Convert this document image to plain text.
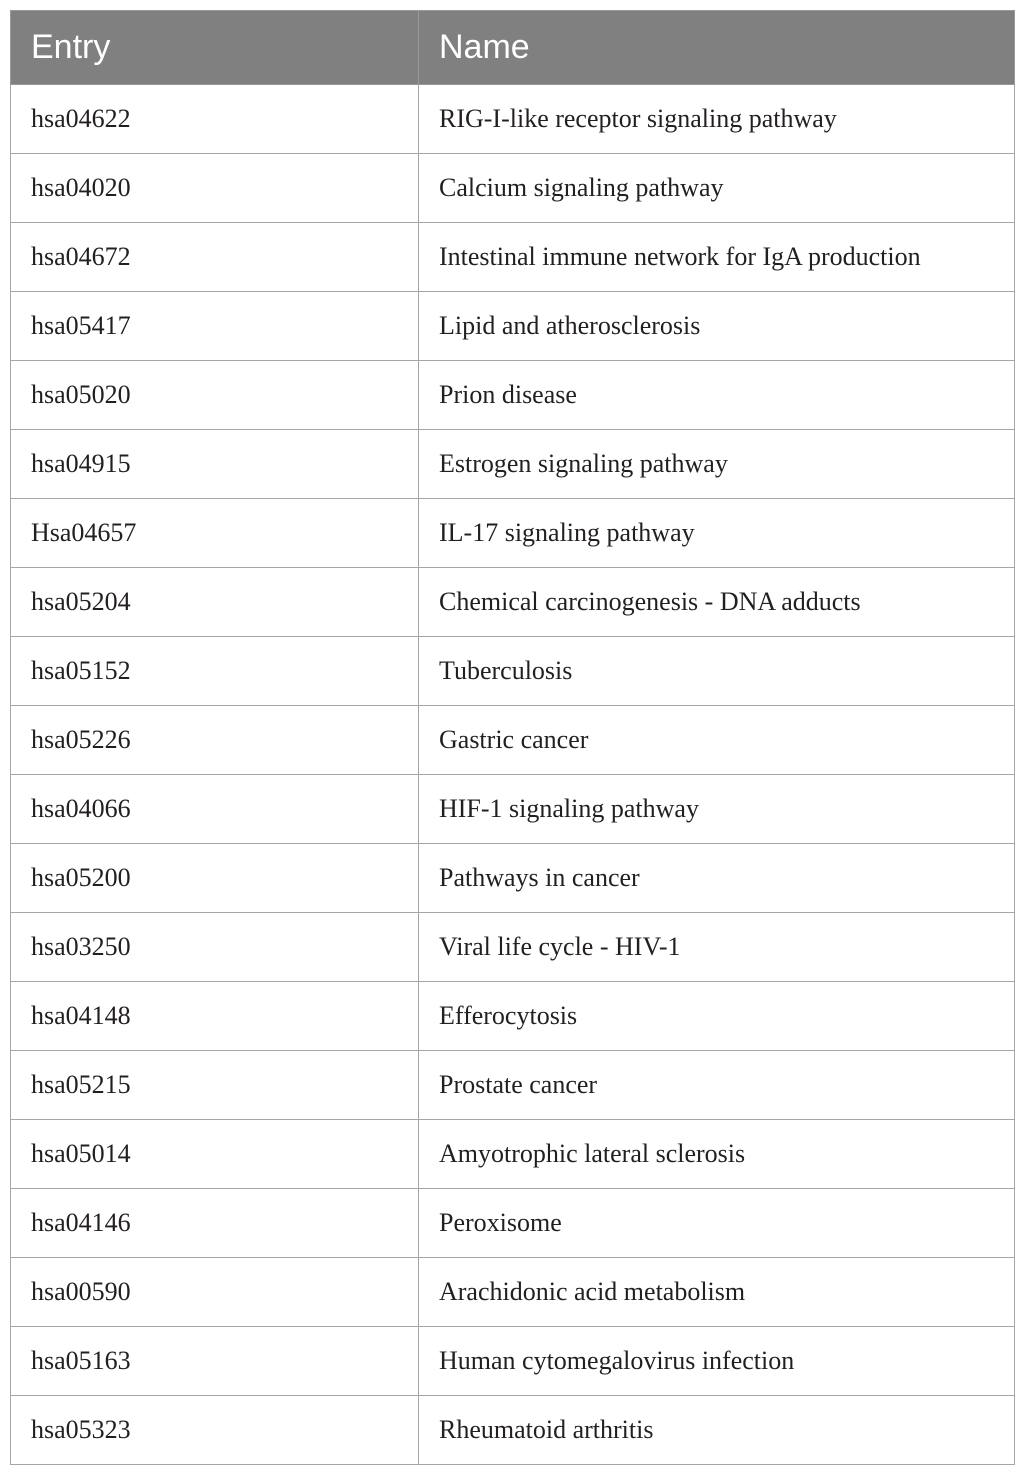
Entry	Name
hsa04622	RIG-I-like receptor signaling pathway
hsa04020	Calcium signaling pathway
hsa04672	Intestinal immune network for IgA production
hsa05417	Lipid and atherosclerosis
hsa05020	Prion disease
hsa04915	Estrogen signaling pathway
Hsa04657	IL-17 signaling pathway
hsa05204	Chemical carcinogenesis - DNA adducts
hsa05152	Tuberculosis
hsa05226	Gastric cancer
hsa04066	HIF-1 signaling pathway
hsa05200	Pathways in cancer
hsa03250	Viral life cycle - HIV-1
hsa04148	Efferocytosis
hsa05215	Prostate cancer
hsa05014	Amyotrophic lateral sclerosis
hsa04146	Peroxisome
hsa00590	Arachidonic acid metabolism
hsa05163	Human cytomegalovirus infection
hsa05323	Rheumatoid arthritis
